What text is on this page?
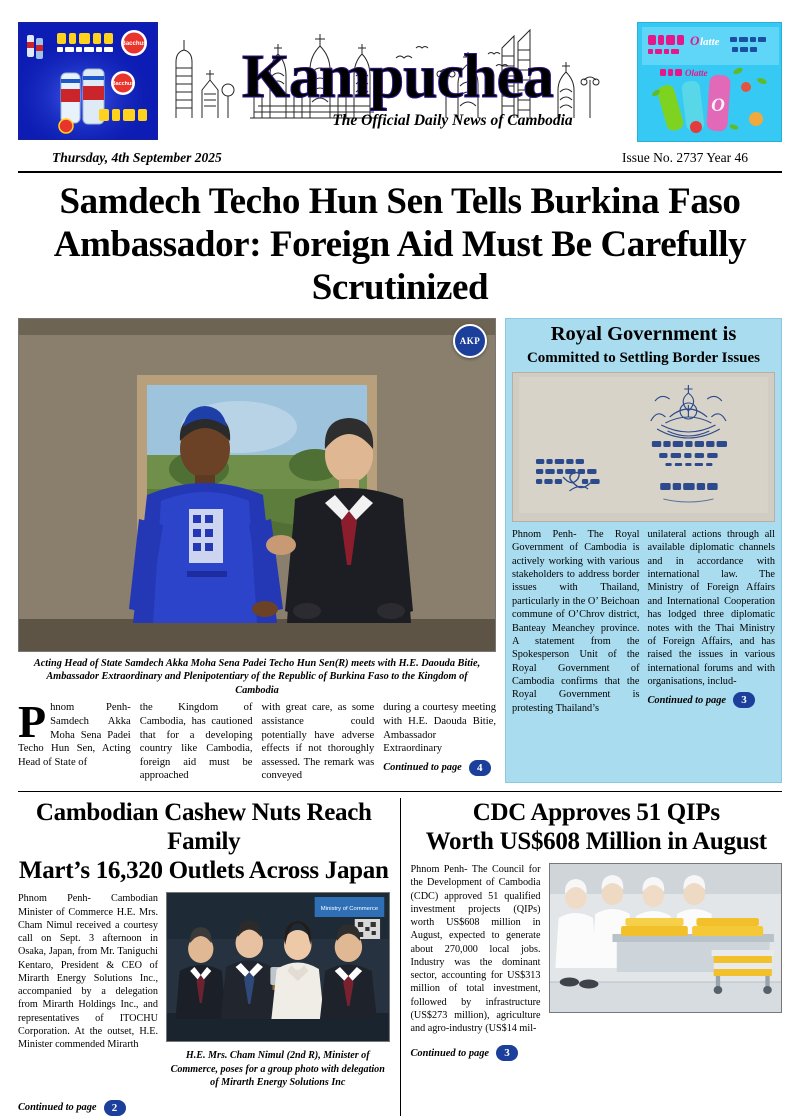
Bacchus
Bacchus Kampuchea
The Official Daily News of Cambodia
O latte
O
Olatte
Thursday, 4th September 2025	Issue No. 2737 Year 46
Samdech Techo Hun Sen Tells Burkina Faso
Ambassador: Foreign Aid Must Be Carefully Scrutinized
AKP
Acting Head of State Samdech Akka Moha Sena Padei Techo Hun Sen(R) meets with H.E. Daouda Bitie, Ambassador Extraordinary and Plenipotentiary of the Republic of Burkina Faso to the Kingdom of Cambodia
P hnom Penh- Samdech Akka Moha Sena Padei Techo Hun Sen, Acting Head of State of
the Kingdom of Cambodia, has cautioned that for a developing country like Cambodia, foreign aid must be approached
with great care, as some assistance could potentially have adverse effects if not thoroughly assessed. The remark was conveyed
during a courtesy meeting with H.E. Daouda Bitie, Ambassador Extraordinary
Continued to page	4
Royal Government is
Committed to Settling Border Issues
Phnom Penh- The Royal Government of Cambodia is actively working with various stakeholders to address border issues with Thailand, particularly in the O’ Beichoan commune of O’Chrov district, Banteay Meanchey province. A statement from the Spokesperson Unit of the Royal Government of Cambodia confirms that the Royal Government is protesting Thailand’s
unilateral actions through all available diplomatic channels and in accordance with international law. The Ministry of Foreign Affairs and International Cooperation has lodged three diplomatic notes with the Thai Ministry of Foreign Affairs, and has raised the issues in various international forums and with organisations, includ-
Continued to page	3
Cambodian Cashew Nuts Reach Family
Mart’s 16,320 Outlets Across Japan
Phnom Penh- Cambodian Minister of Commerce H.E. Mrs. Cham Nimul received a courtesy call on Sept. 3 afternoon in Osaka, Japan, from Mr. Taniguchi Kentaro, President & CEO of Mirarth Energy Solutions Inc., accompanied by a delegation from Mirarth Holdings Inc., and representatives of ITOCHU Corporation. At the outset, H.E. Minister commended Mirarth
Ministry of Commerce
H.E. Mrs. Cham Nimul (2nd R), Minister of Commerce, poses for a group photo with delegation of Mirarth Energy Solutions Inc
Continued to page	2
CDC Approves 51 QIPs
Worth US$608 Million in August
Phnom Penh- The Council for the Development of Cambodia (CDC) approved 51 qualified investment projects (QIPs) worth US$608 million in August, expected to generate about 270,000 local jobs. Industry was the dominant sector, accounting for US$313 million of total investment, followed by infrastructure (US$273 million), agriculture and agro-industry (US$14 mil-
Continued to page	3
